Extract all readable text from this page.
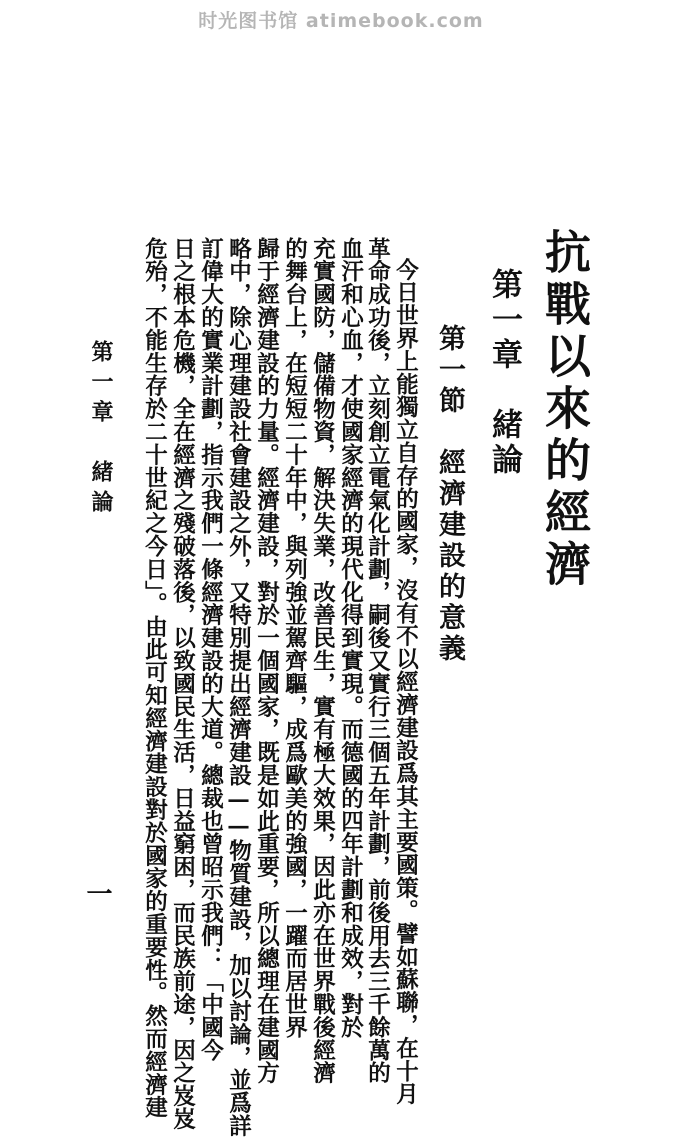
时光图书馆 atimebook.com
抗戰以來的經濟
第一章　緒論
第一節　經濟建設的意義
今日世界上能獨立自存的國家，沒有不以經濟建設爲其主要國策。譬如蘇聯，在十月
革命成功後，立刻創立電氣化計劃，嗣後又實行三個五年計劃，前後用去三千餘萬的
血汗和心血，才使國家經濟的現代化得到實現。而德國的四年計劃和成效，對於
充實國防，儲備物資，解決失業，改善民生，實有極大效果，因此亦在世界戰後經濟
的舞台上，在短短二十年中，與列強並駕齊驅，成爲歐美的強國，一躍而居世界
歸于經濟建設的力量。經濟建設，對於一個國家，既是如此重要，所以總理在建國方
略中，除心理建設社會建設之外，又特別提出經濟建設——物質建設，加以討論，並爲詳
訂偉大的實業計劃，指示我們一條經濟建設的大道。總裁也曾昭示我們：「中國今
日之根本危機，全在經濟之殘破落後，以致國民生活，日益窮困，而民族前途，因之岌岌
危殆，不能生存於二十世紀之今日」。由此可知經濟建設對於國家的重要性。然而經濟建
第一章　緒論
一
